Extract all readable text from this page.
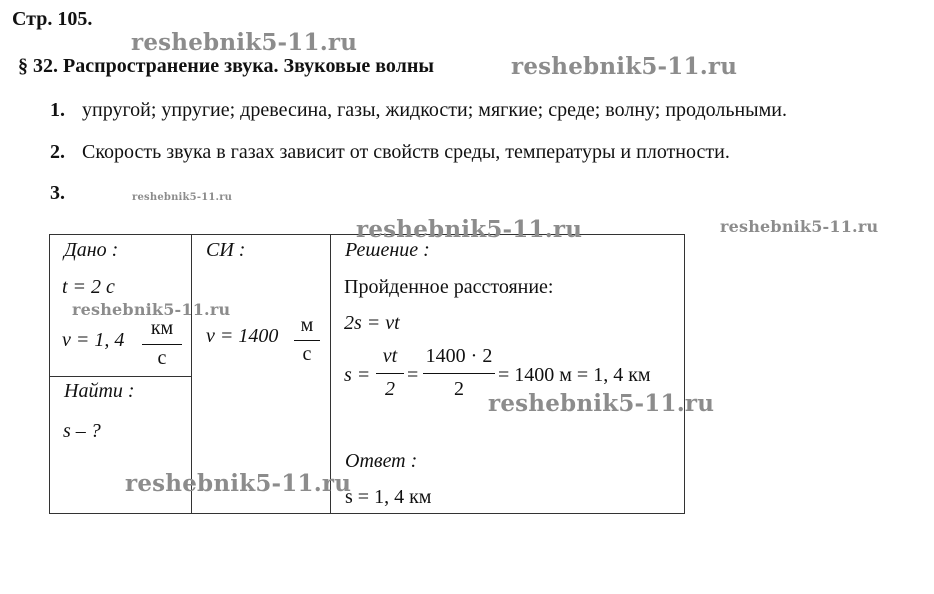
Стр. 105.
§ 32. Распространение звука. Звуковые волны
1. упругой; упругие; древесина, газы, жидкости; мягкие; среде; волну; продольными.
2. Скорость звука в газах зависит от свойств среды, температуры и плотности.
3.
Дано :
t = 2 с
v = 1, 4
км
с
Найти :
s – ?
СИ :
v = 1400	м
с
Решение :
Пройденное расстояние:
2s = vt
s =
vt
2
=
1400 · 2
2
= 1400 м = 1, 4 км
Ответ :
s = 1, 4 км
reshebnik5-11.ru
reshebnik5-11.ru
reshebnik5-11.ru
reshebnik5-11.ru	reshebnik5-11.ru
reshebnik5-11.ru
reshebnik5-11.ru
reshebnik5-11.ru
